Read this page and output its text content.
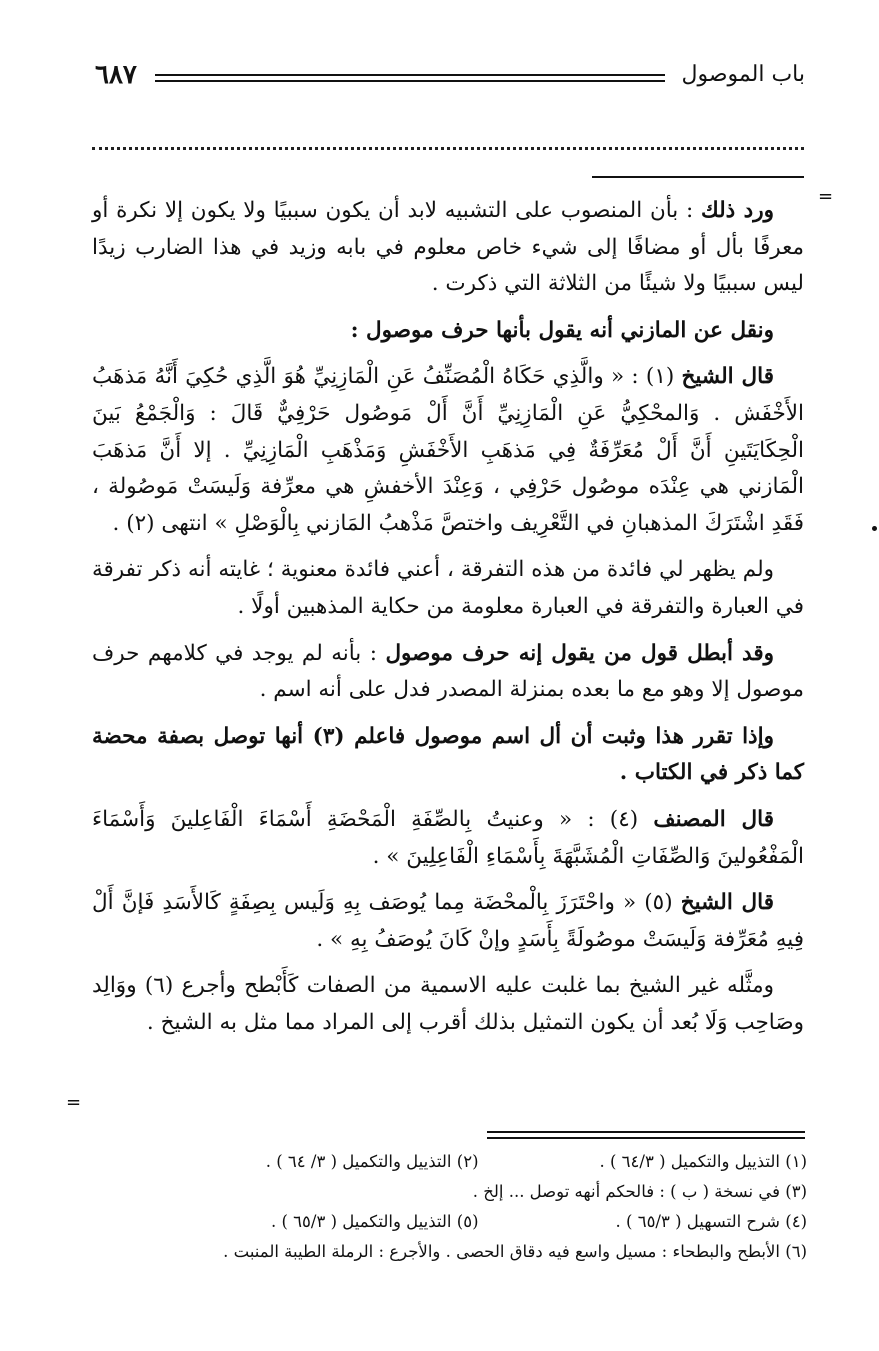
٦٨٧	باب الموصول
=
=

ورد ذلك : بأن المنصوب على التشبيه لابد أن يكون سببيًا ولا يكون إلا نكرة أو معرفًا بأل أو مضافًا إلى شيء خاص معلوم في بابه وزيد في هذا الضارب زيدًا ليس سببيًا ولا شيئًا من الثلاثة التي ذكرت .

ونقل عن المازني أنه يقول بأنها حرف موصول :

قال الشيخ (١) : « والَّذِي حَكَاهُ الْمُصَنِّفُ عَنِ الْمَازِنِيِّ هُوَ الَّذِي حُكِيَ أَنَّهُ مَذهَبُ الأَخْفَش . وَالمحْكِيُّ عَنِ الْمَازِنِيِّ أَنَّ أَلْ مَوصُول حَرْفِيٌّ قَالَ : وَالْجَمْعُ بَينَ الْحِكَايَتَينِ أَنَّ أَلْ مُعَرِّفَةٌ فِي مَذهَبِ الأَخْفَشِ وَمَذْهَبِ الْمَازِنِيِّ . إلا أَنَّ مَذهَبَ الْمَازني هي عِنْدَه موصُول حَرْفِي ، وَعِنْدَ الأخفشِ هي معرِّفة وَلَيسَتْ مَوصُولة ، فَقَدِ اشْتَرَكَ المذهبانِ في التَّعْرِيف واختصَّ مَذْهبُ المَازني بِالْوَصْلِ » انتهى (٢) .

ولم يظهر لي فائدة من هذه التفرقة ، أعني فائدة معنوية ؛ غايته أنه ذكر تفرقة في العبارة والتفرقة في العبارة معلومة من حكاية المذهبين أولًا .

وقد أبطل قول من يقول إنه حرف موصول : بأنه لم يوجد في كلامهم حرف موصول إلا وهو مع ما بعده بمنزلة المصدر فدل على أنه اسم .

وإذا تقرر هذا وثبت أن أل اسم موصول فاعلم (٣) أنها توصل بصفة محضة كما ذكر في الكتاب .

قال المصنف (٤) : « وعنيتُ بِالصِّفَةِ الْمَحْضَةِ أَسْمَاءَ الْفَاعِلينَ وَأَسْمَاءَ الْمَفْعُولينَ وَالصِّفَاتِ الْمُشَبَّهَةَ بِأَسْمَاءِ الْفَاعِلِينَ » .

قال الشيخ (٥) « واحْتَرَزَ بِالْمحْضَة مِما يُوصَف بِهِ وَلَيس بِصِفَةٍ كَالأَسَدِ فَإنَّ أَلْ فِيهِ مُعَرِّفة وَلَيسَتْ موصُولَةً بِأَسَدٍ وإنْ كَانَ يُوصَفُ بِهِ » .

ومثَّله غير الشيخ بما غلبت عليه الاسمية من الصفات كَأَبْطح وأجرع (٦) ووَالِد وصَاحِب وَلَا بُعد أن يكون التمثيل بذلك أقرب إلى المراد مما مثل به الشيخ .

(١) التذييل والتكميل ( ٦٤/٣ ) .
(٢) التذييل والتكميل ( ٣/ ٦٤ ) .
(٣) في نسخة ( ب ) : فالحكم أنهه توصل ... إلخ .
(٤) شرح التسهيل ( ٦٥/٣ ) .
(٥) التذييل والتكميل ( ٦٥/٣ ) .
(٦) الأبطح والبطحاء : مسيل واسع فيه دقاق الحصى . والأجرع : الرملة الطيبة المنبت .
